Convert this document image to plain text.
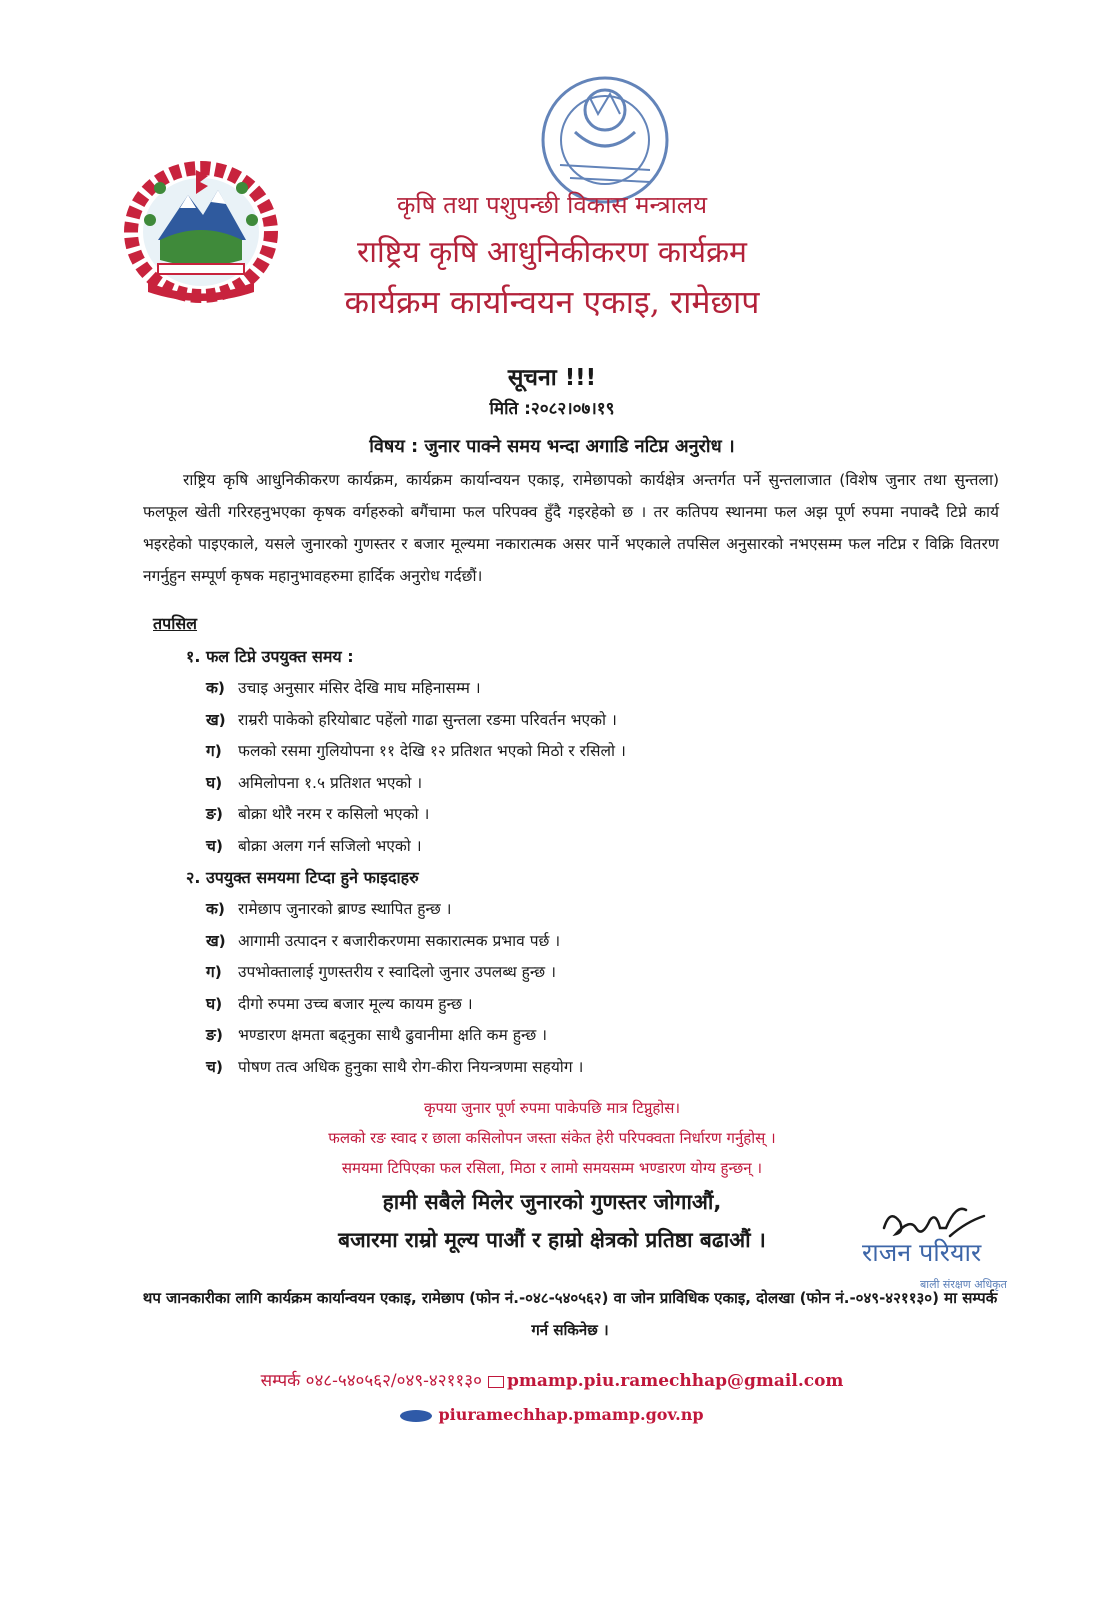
कृषि तथा पशुपन्छी विकास मन्त्रालय
राष्ट्रिय कृषि आधुनिकीकरण कार्यक्रम
कार्यक्रम कार्यान्वयन एकाइ, रामेछाप
सूचना !!!
मिति :२०८२।०७।१९
विषय : जुनार पाक्ने समय भन्दा अगाडि नटिप्न अनुरोध ।
राष्ट्रिय कृषि आधुनिकीकरण कार्यक्रम, कार्यक्रम कार्यान्वयन एकाइ, रामेछापको कार्यक्षेत्र अन्तर्गत पर्ने सुन्तलाजात (विशेष जुनार तथा सुन्तला) फलफूल खेती गरिरहनुभएका कृषक वर्गहरुको बगैंचामा फल परिपक्व हुँदै गइरहेको छ । तर कतिपय स्थानमा फल अझ पूर्ण रुपमा नपाक्दै टिप्ने कार्य भइरहेको पाइएकाले, यसले जुनारको गुणस्तर र बजार मूल्यमा नकारात्मक असर पार्ने भएकाले तपसिल अनुसारको नभएसम्म फल नटिप्न र विक्रि वितरण नगर्नुहुन सम्पूर्ण कृषक महानुभावहरुमा हार्दिक अनुरोध गर्दछौं।
तपसिल
१. फल टिप्ने उपयुक्त समय :
क) उचाइ अनुसार मंसिर देखि माघ महिनासम्म ।
ख) राम्ररी पाकेको हरियोबाट पहेंलो गाढा सुन्तला रङमा परिवर्तन भएको ।
ग) फलको रसमा गुलियोपना ११ देखि १२ प्रतिशत भएको मिठो र रसिलो ।
घ) अमिलोपना १.५ प्रतिशत भएको ।
ङ) बोक्रा थोरै नरम र कसिलो भएको ।
च) बोक्रा अलग गर्न सजिलो भएको ।
२. उपयुक्त समयमा टिप्दा हुने फाइदाहरु
क) रामेछाप जुनारको ब्राण्ड स्थापित हुन्छ ।
ख) आगामी उत्पादन र बजारीकरणमा सकारात्मक प्रभाव पर्छ ।
ग) उपभोक्तालाई गुणस्तरीय र स्वादिलो जुनार उपलब्ध हुन्छ ।
घ) दीगो रुपमा उच्च बजार मूल्य कायम हुन्छ ।
ङ) भण्डारण क्षमता बढ्नुका साथै ढुवानीमा क्षति कम हुन्छ ।
च) पोषण तत्व अधिक हुनुका साथै रोग-कीरा नियन्त्रणमा सहयोग ।
कृपया जुनार पूर्ण रुपमा पाकेपछि मात्र टिप्नुहोस।
फलको रङ स्वाद र छाला कसिलोपन जस्ता संकेत हेरी परिपक्वता निर्धारण गर्नुहोस् ।
समयमा टिपिएका फल रसिला, मिठा र लामो समयसम्म भण्डारण योग्य हुन्छन् ।
हामी सबैले मिलेर जुनारको गुणस्तर जोगाऔं,
बजारमा राम्रो मूल्य पाऔं र हाम्रो क्षेत्रको प्रतिष्ठा बढाऔं ।	राजन परियार
बाली संरक्षण अधिकृत
थप जानकारीका लागि कार्यक्रम कार्यान्वयन एकाइ, रामेछाप (फोन नं.-०४८-५४०५६२) वा जोन प्राविधिक एकाइ, दोलखा (फोन नं.-०४९-४२११३०) मा सम्पर्क गर्न सकिनेछ ।
सम्पर्क ०४८-५४०५६२/०४९-४२११३० pmamp.piu.ramechhap@gmail.com
piuramechhap.pmamp.gov.np
